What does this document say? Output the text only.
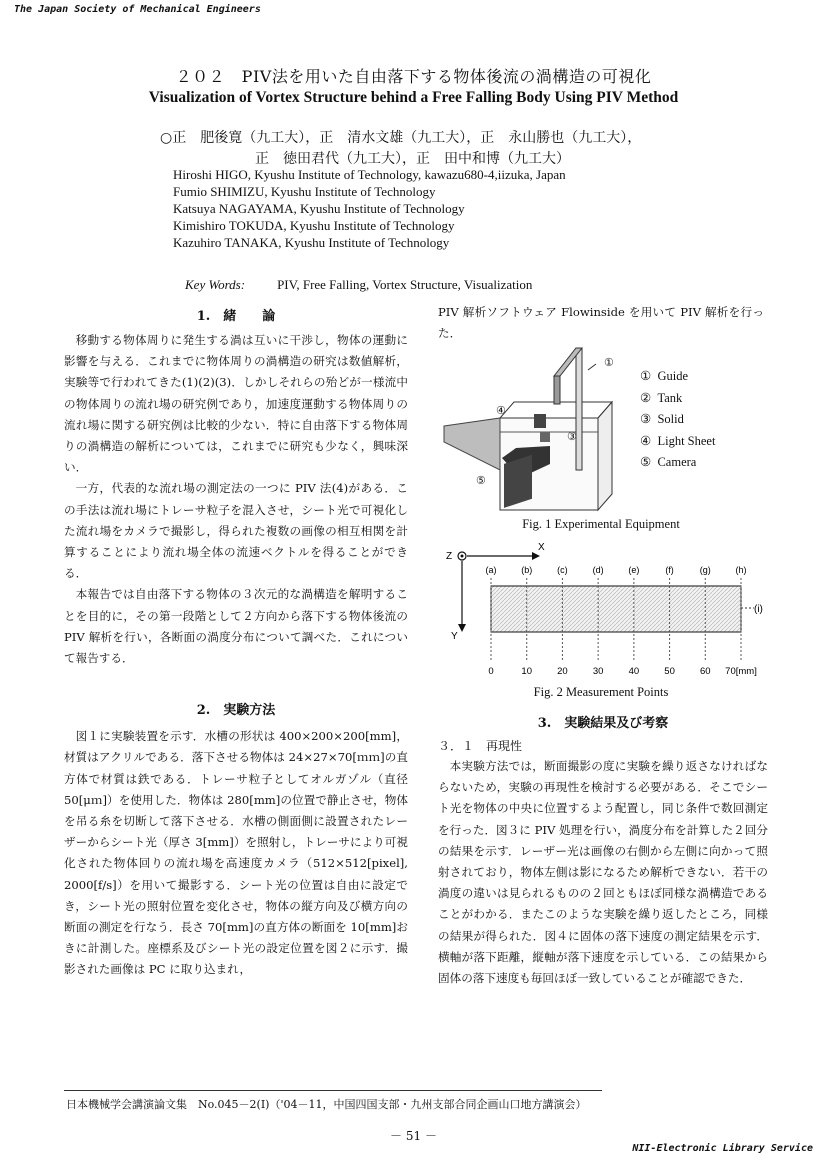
The Japan Society of Mechanical Engineers
２０２　PIV法を用いた自由落下する物体後流の渦構造の可視化
Visualization of Vortex Structure behind a Free Falling Body Using PIV Method
○正　肥後寛（九工大），正　清水文雄（九工大），正　永山勝也（九工大），
正　徳田君代（九工大），正　田中和博（九工大）
Hiroshi HIGO, Kyushu Institute of Technology, kawazu680-4,iizuka, Japan
Fumio SHIMIZU, Kyushu Institute of Technology
Katsuya NAGAYAMA, Kyushu Institute of Technology
Kimishiro TOKUDA, Kyushu Institute of Technology
Kazuhiro TANAKA, Kyushu Institute of Technology
Key Words: PIV, Free Falling, Vortex Structure, Visualization
1.　緒　　論

移動する物体周りに発生する渦は互いに干渉し，物体の運動に影響を与える．これまでに物体周りの渦構造の研究は数値解析，実験等で行われてきた(1)(2)(3)．しかしそれらの殆どが一様流中の物体周りの流れ場の研究例であり，加速度運動する物体周りの流れ場に関する研究例は比較的少ない．特に自由落下する物体周りの渦構造の解析については，これまでに研究も少なく，興味深い．

一方，代表的な流れ場の測定法の一つに PIV 法(4)がある．この手法は流れ場にトレーサ粒子を混入させ，シート光で可視化した流れ場をカメラで撮影し，得られた複数の画像の相互相関を計算することにより流れ場全体の流速ベクトルを得ることができる．

本報告では自由落下する物体の３次元的な渦構造を解明することを目的に，その第一段階として２方向から落下する物体後流の PIV 解析を行い，各断面の渦度分布について調べた．これについて報告する．

2.　実験方法

図１に実験装置を示す．水槽の形状は 400×200×200[mm]，材質はアクリルである．落下させる物体は 24×27×70[ｍｍ]の直方体で材質は鉄である．トレーサ粒子としてオルガゾル（直径 50[μｍ]）を使用した．物体は 280[mm]の位置で静止させ，物体を吊る糸を切断して落下させる．水槽の側面側に設置されたレーザーからシート光（厚さ 3[mm]）を照射し，トレーサにより可視化された物体回りの流れ場を高速度カメラ（512×512[pixel], 2000[f/s]）を用いて撮影する．シート光の位置は自由に設定でき，シート光の照射位置を変化させ，物体の縦方向及び横方向の断面の測定を行なう．長さ 70[mm]の直方体の断面を 10[mm]おきに計測した。座標系及びシート光の設定位置を図２に示す．撮影された画像は PC に取り込まれ，

PIV 解析ソフトウェア Flowinside を用いて PIV 解析を行った．

①
④
③
⑤
① Guide
② Tank
③ Solid
④ Light Sheet
⑤ Camera
Fig. 1 Experimental Equipment
X
Z
Y
(i)
(a)	(b)	(c)	(d)	(e)	(f)	(g)	(h)
0	10	20	30	40	50	60 70[mm]
Fig. 2 Measurement Points
3.　実験結果及び考察
３．１　再現性

本実験方法では，断面撮影の度に実験を繰り返さなければならないため，実験の再現性を検討する必要がある．そこでシート光を物体の中央に位置するよう配置し，同じ条件で数回測定を行った．図３に PIV 処理を行い，渦度分布を計算した２回分の結果を示す．レーザー光は画像の右側から左側に向かって照射されており，物体左側は影になるため解析できない．若干の渦度の違いは見られるものの２回ともほぼ同様な渦構造であることがわかる．またこのような実験を繰り返したところ，同様の結果が得られた．図４に固体の落下速度の測定結果を示す．横軸が落下距離，縦軸が落下速度を示している．この結果から固体の落下速度も毎回ほぼ一致していることが確認できた．

日本機械学会講演論文集　No.045－2(Ⅰ)（'04－11，中国四国支部・九州支部合同企画山口地方講演会）
－ 51 －
NII-Electronic Library Service
